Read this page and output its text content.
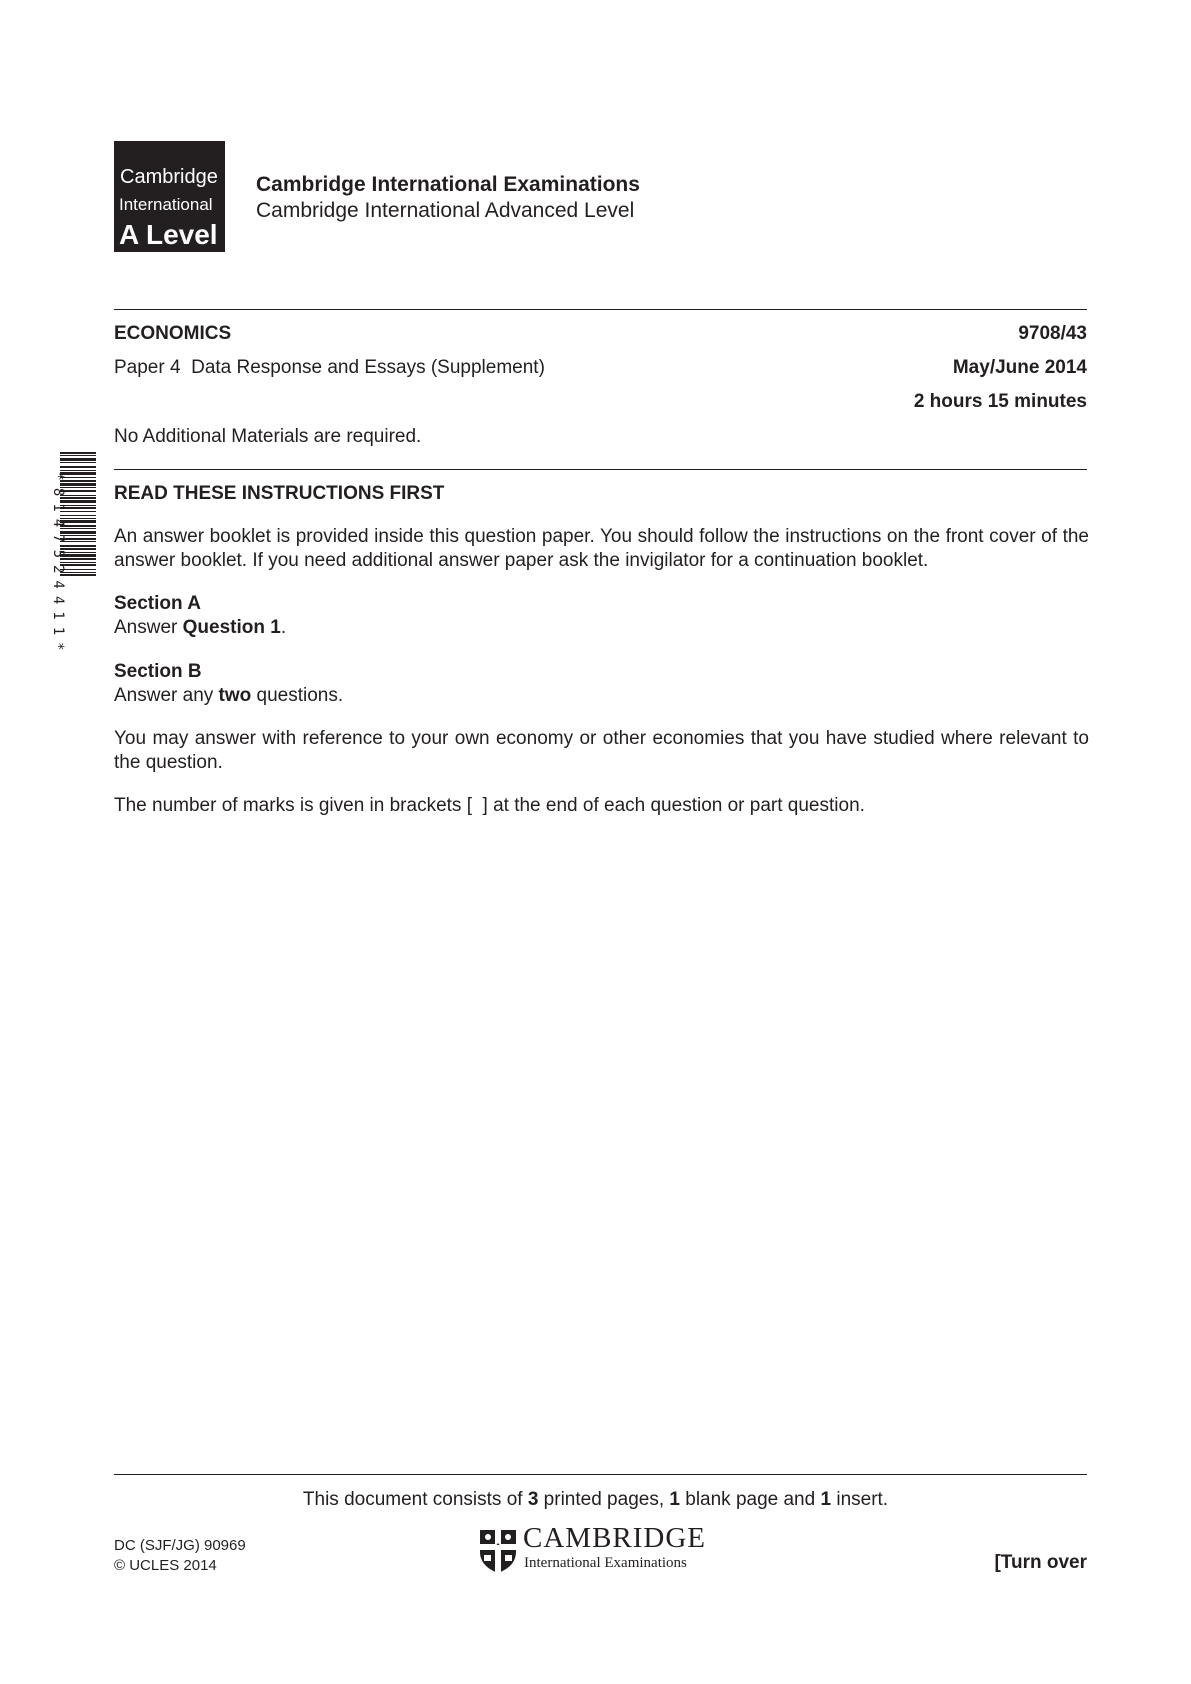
Cambridge
International
A Level
Cambridge International Examinations
Cambridge International Advanced Level
ECONOMICS	9708/43
Paper 4  Data Response and Essays (Supplement)	May/June 2014
2 hours 15 minutes
No Additional Materials are required.
*8147524411*	READ THESE INSTRUCTIONS FIRST
An answer booklet is provided inside this question paper. You should follow the instructions on the front cover of the answer booklet. If you need additional answer paper ask the invigilator for a continuation booklet.
Section A
Answer Question 1.
Section B
Answer any two questions.
You may answer with reference to your own economy or other economies that you have studied where relevant to the question.
The number of marks is given in brackets [  ] at the end of each question or part question.
This document consists of 3 printed pages, 1 blank page and 1 insert.
DC (SJF/JG) 90969
© UCLES 2014
CAMBRIDGE
International Examinations	[Turn over
